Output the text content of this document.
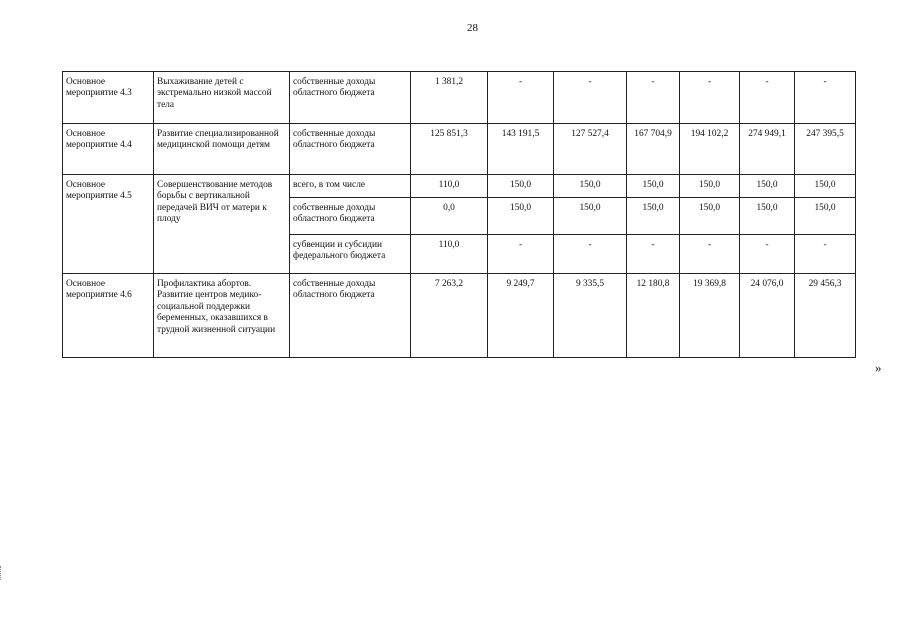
28
Основное мероприятие 4.3	Выхаживание детей с экстремально низкой массой тела	собственные доходы областного бюджета	1 381,2	-	-	-	-	-	-
Основное мероприятие 4.4	Развитие специализированной медицинской помощи детям	собственные доходы областного бюджета	125 851,3	143 191,5	127 527,4	167 704,9	194 102,2	274 949,1	247 395,5
Основное мероприятие 4.5	Совершенствование методов борьбы с вертикальной передачей ВИЧ от матери к плоду	всего, в том числе	110,0	150,0	150,0	150,0	150,0	150,0	150,0
		собственные доходы областного бюджета	0,0	150,0	150,0	150,0	150,0	150,0	150,0
		субвенции и субсидии федерального бюджета	110,0	-	-	-	-	-	-
Основное мероприятие 4.6	Профилактика абортов. Развитие центров медико-социальной поддержки беременных, оказавшихся в трудной жизненной ситуации	собственные доходы областного бюджета	7 263,2	9 249,7	9 335,5	12 180,8	19 369,8	24 076,0	29 456,3
»
